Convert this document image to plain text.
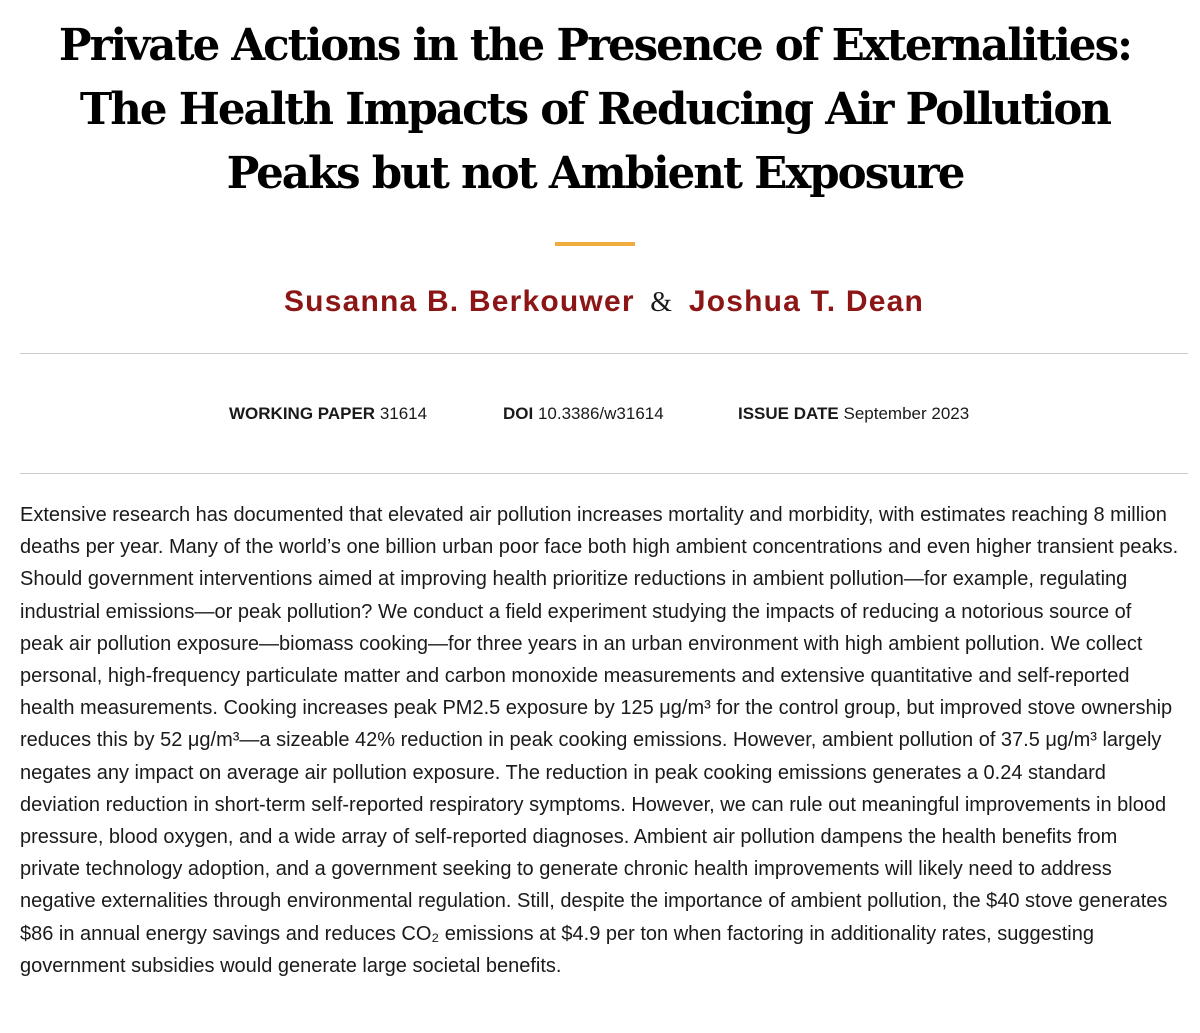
Private Actions in the Presence of Externalities:
The Health Impacts of Reducing Air Pollution
Peaks but not Ambient Exposure
Susanna B. Berkouwer & Joshua T. Dean
WORKING PAPER 31614	DOI 10.3386/w31614	ISSUE DATE September 2023

Extensive research has documented that elevated air pollution increases mortality and morbidity, with estimates reaching 8 million deaths per year. Many of the world’s one billion urban poor face both high ambient concentrations and even higher transient peaks. Should government interventions aimed at improving health prioritize reductions in ambient pollution—for example, regulating industrial emissions—or peak pollution? We conduct a field experiment studying the impacts of reducing a notorious source of peak air pollution exposure—biomass cooking—for three years in an urban environment with high ambient pollution. We collect personal, high-frequency particulate matter and carbon monoxide measurements and extensive quantitative and self-reported health measurements. Cooking increases peak PM2.5 exposure by 125 μg/m³ for the control group, but improved stove ownership reduces this by 52 μg/m³—a sizeable 42% reduction in peak cooking emissions. However, ambient pollution of 37.5 μg/m³ largely negates any impact on average air pollution exposure. The reduction in peak cooking emissions generates a 0.24 standard deviation reduction in short-term self-reported respiratory symptoms. However, we can rule out meaningful improvements in blood pressure, blood oxygen, and a wide array of self-reported diagnoses. Ambient air pollution dampens the health benefits from private technology adoption, and a government seeking to generate chronic health improvements will likely need to address negative externalities through environmental regulation. Still, despite the importance of ambient pollution, the $40 stove generates $86 in annual energy savings and reduces CO₂ emissions at $4.9 per ton when factoring in additionality rates, suggesting government subsidies would generate large societal benefits.
